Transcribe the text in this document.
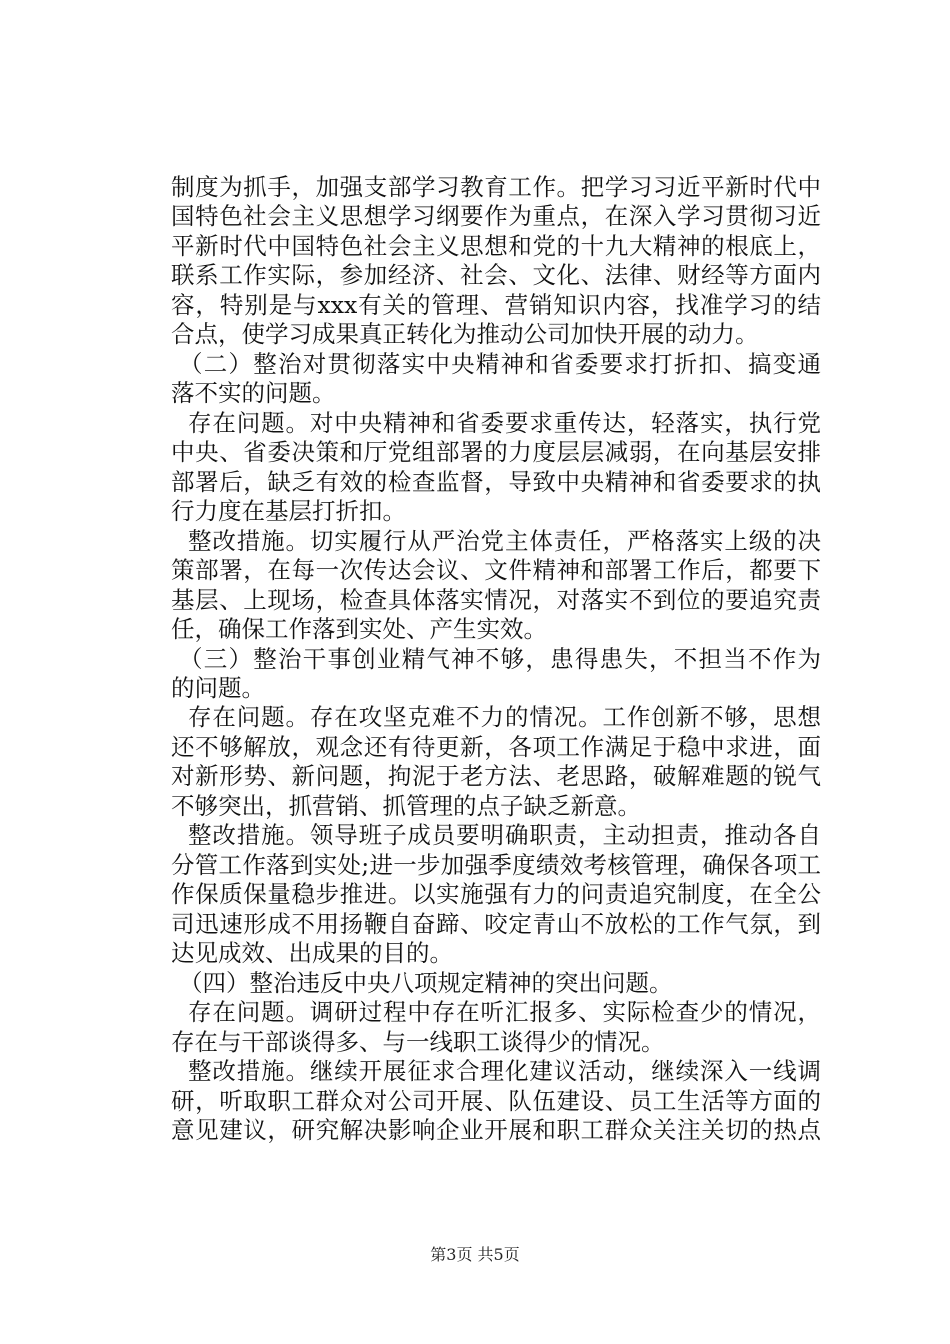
制度为抓手，加强支部学习教育工作。把学习习近平新时代中
国特色社会主义思想学习纲要作为重点，在深入学习贯彻习近
平新时代中国特色社会主义思想和党的十九大精神的根底上，
联系工作实际，参加经济、社会、文化、法律、财经等方面内
容，特别是与xxx有关的管理、营销知识内容，找准学习的结
合点，使学习成果真正转化为推动公司加快开展的动力。
（二）整治对贯彻落实中央精神和省委要求打折扣、搞变通
落不实的问题。
存在问题。对中央精神和省委要求重传达，轻落实，执行党
中央、省委决策和厅党组部署的力度层层减弱，在向基层安排
部署后，缺乏有效的检查监督，导致中央精神和省委要求的执
行力度在基层打折扣。
整改措施。切实履行从严治党主体责任，严格落实上级的决
策部署，在每一次传达会议、文件精神和部署工作后，都要下
基层、上现场，检查具体落实情况，对落实不到位的要追究责
任，确保工作落到实处、产生实效。
（三）整治干事创业精气神不够，患得患失，不担当不作为
的问题。
存在问题。存在攻坚克难不力的情况。工作创新不够，思想
还不够解放，观念还有待更新，各项工作满足于稳中求进，面
对新形势、新问题，拘泥于老方法、老思路，破解难题的锐气
不够突出，抓营销、抓管理的点子缺乏新意。
整改措施。领导班子成员要明确职责，主动担责，推动各自
分管工作落到实处;进一步加强季度绩效考核管理，确保各项工
作保质保量稳步推进。以实施强有力的问责追究制度，在全公
司迅速形成不用扬鞭自奋蹄、咬定青山不放松的工作气氛，到
达见成效、出成果的目的。
（四）整治违反中央八项规定精神的突出问题。
存在问题。调研过程中存在听汇报多、实际检查少的情况，
存在与干部谈得多、与一线职工谈得少的情况。
整改措施。继续开展征求合理化建议活动，继续深入一线调
研，听取职工群众对公司开展、队伍建设、员工生活等方面的
意见建议，研究解决影响企业开展和职工群众关注关切的热点
第3页 共5页
